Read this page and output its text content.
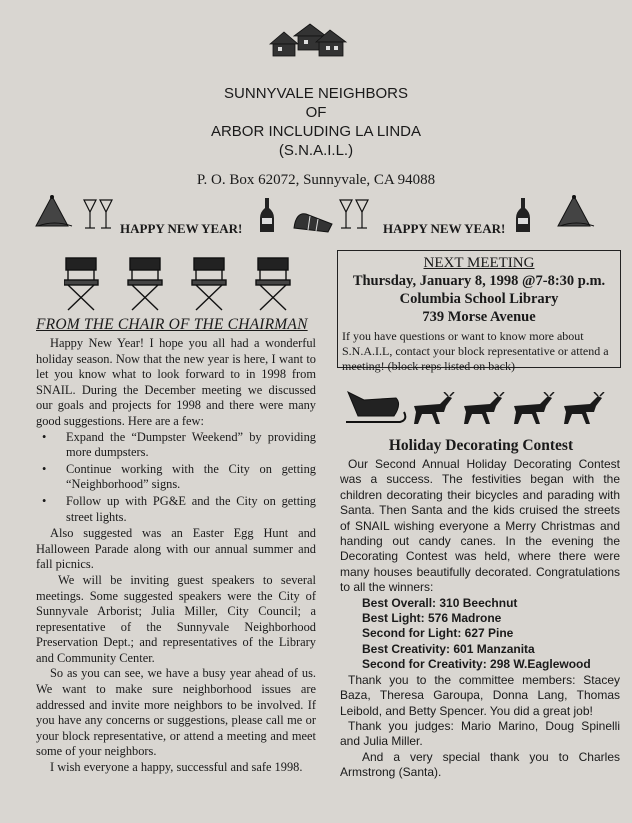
SUNNYVALE NEIGHBORS
OF
ARBOR INCLUDING LA LINDA
(S.N.A.I.L.)
P. O. Box 62072, Sunnyvale, CA 94088
HAPPY NEW YEAR!	HAPPY NEW YEAR!
FROM THE CHAIR OF THE CHAIRMAN

Happy New Year! I hope you all had a wonderful holiday season. Now that the new year is here, I want to let you know what to look forward to in 1998 from SNAIL. During the December meeting we discussed our goals and projects for 1998 and there were many good suggestions. Here are a few:

• Expand the “Dumpster Weekend” by providing more dumpsters.
• Continue working with the City on getting “Neighborhood” signs.
• Follow up with PG&E and the City on getting street lights.

Also suggested was an Easter Egg Hunt and Halloween Parade along with our annual summer and fall picnics.

We will be inviting guest speakers to several meetings. Some suggested speakers were the City of Sunnyvale Arborist; Julia Miller, City Council; a representative of the Sunnyvale Neighborhood Preservation Dept.; and representatives of the Library and Community Center.

So as you can see, we have a busy year ahead of us. We want to make sure neighborhood issues are addressed and invite more neighbors to be involved. If you have any concerns or suggestions, please call me or your block representative, or attend a meeting and meet some of your neighbors.

I wish everyone a happy, successful and safe 1998.

NEXT MEETING
Thursday, January 8, 1998 @7-8:30 p.m.
Columbia School Library
739 Morse Avenue
If you have questions or want to know more about S.N.A.I.L, contact your block representative or attend a meeting! (block reps listed on back)
Holiday Decorating Contest

Our Second Annual Holiday Decorating Contest was a success. The festivities began with the children decorating their bicycles and parading with Santa. Then Santa and the kids cruised the streets of SNAIL wishing everyone a Merry Christmas and handing out candy canes. In the evening the Decorating Contest was held, where there were many houses beautifully decorated. Congratulations to all the winners:

Best Overall: 310 Beechnut
Best Light: 576 Madrone
Second for Light: 627 Pine
Best Creativity: 601 Manzanita
Second for Creativity: 298 W.Eaglewood

Thank you to the committee members: Stacey Baza, Theresa Garoupa, Donna Lang, Thomas Leibold, and Betty Spencer. You did a great job!

Thank you judges: Mario Marino, Doug Spinelli and Julia Miller.

And a very special thank you to Charles Armstrong (Santa).
